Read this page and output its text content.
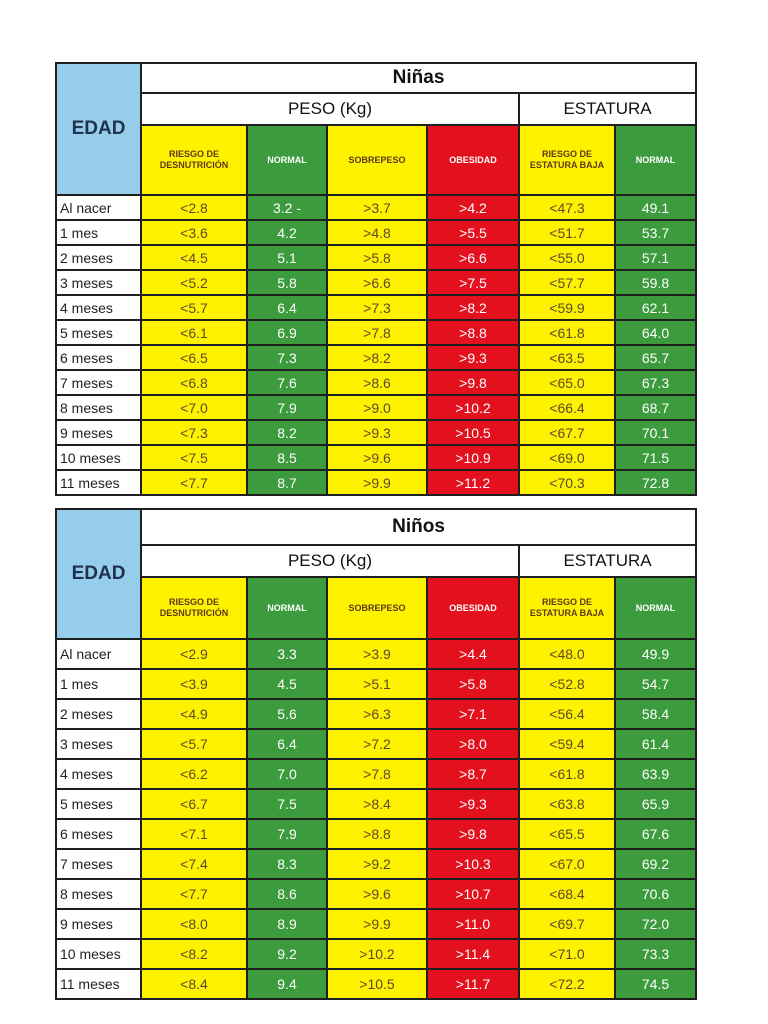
EDAD	Niñas					
	PESO (Kg)				ESTATURA	
	RIESGO DE DESNUTRICIÓN	NORMAL	SOBREPESO	OBESIDAD	RIESGO DE ESTATURA BAJA	NORMAL
Al nacer	<2.8	3.2 -	>3.7	>4.2	<47.3	49.1
1 mes	<3.6	4.2	>4.8	>5.5	<51.7	53.7
2 meses	<4.5	5.1	>5.8	>6.6	<55.0	57.1
3 meses	<5.2	5.8	>6.6	>7.5	<57.7	59.8
4 meses	<5.7	6.4	>7.3	>8.2	<59.9	62.1
5 meses	<6.1	6.9	>7.8	>8.8	<61.8	64.0
6 meses	<6.5	7.3	>8.2	>9.3	<63.5	65.7
7 meses	<6.8	7.6	>8.6	>9.8	<65.0	67.3
8 meses	<7.0	7.9	>9.0	>10.2	<66.4	68.7
9 meses	<7.3	8.2	>9.3	>10.5	<67.7	70.1
10 meses	<7.5	8.5	>9.6	>10.9	<69.0	71.5
11 meses	<7.7	8.7	>9.9	>11.2	<70.3	72.8
EDAD	Niños					
	PESO (Kg)				ESTATURA	
	RIESGO DE DESNUTRICIÓN	NORMAL	SOBREPESO	OBESIDAD	RIESGO DE ESTATURA BAJA	NORMAL
Al nacer	<2.9	3.3	>3.9	>4.4	<48.0	49.9
1 mes	<3.9	4.5	>5.1	>5.8	<52.8	54.7
2 meses	<4.9	5.6	>6.3	>7.1	<56.4	58.4
3 meses	<5.7	6.4	>7.2	>8.0	<59.4	61.4
4 meses	<6.2	7.0	>7.8	>8.7	<61.8	63.9
5 meses	<6.7	7.5	>8.4	>9.3	<63.8	65.9
6 meses	<7.1	7.9	>8.8	>9.8	<65.5	67.6
7 meses	<7.4	8.3	>9.2	>10.3	<67.0	69.2
8 meses	<7.7	8.6	>9.6	>10.7	<68.4	70.6
9 meses	<8.0	8.9	>9.9	>11.0	<69.7	72.0
10 meses	<8.2	9.2	>10.2	>11.4	<71.0	73.3
11 meses	<8.4	9.4	>10.5	>11.7	<72.2	74.5
